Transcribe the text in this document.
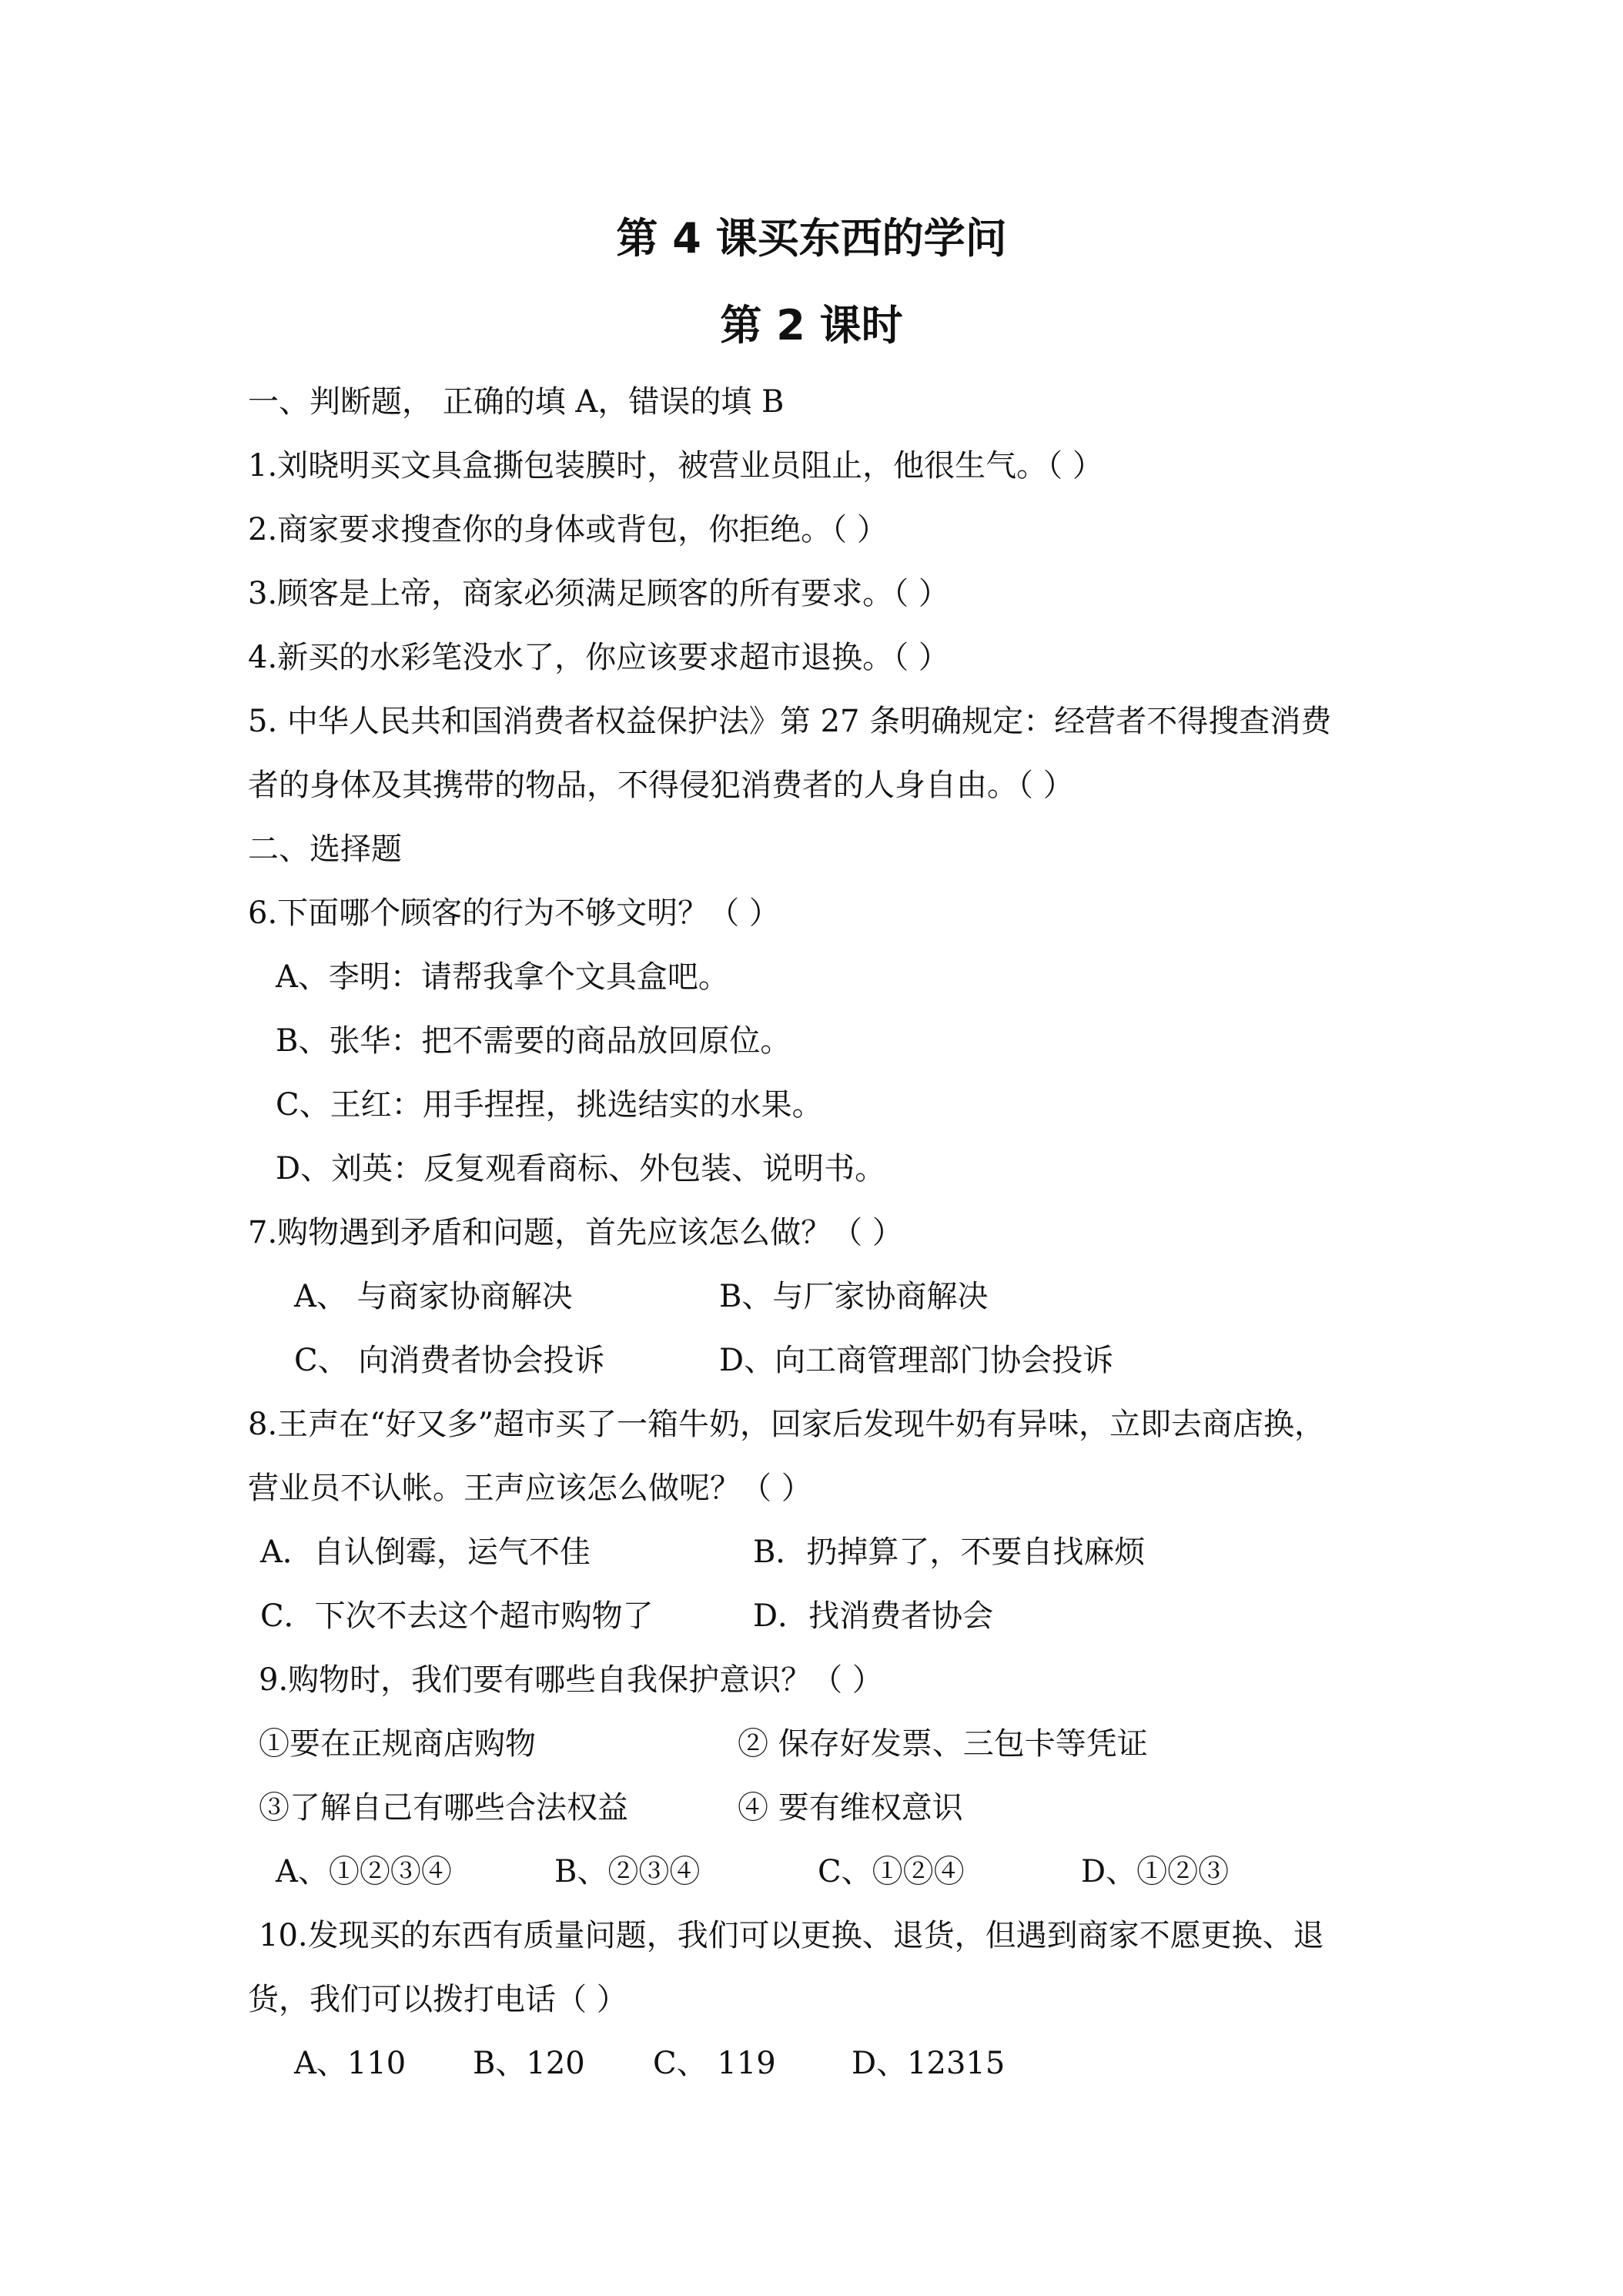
第 4 课买东西的学问
第 2 课时
一、判断题， 正确的填 A，错误的填 B
1.刘晓明买文具盒撕包装膜时，被营业员阻止，他很生气。（ ）
2.商家要求搜查你的身体或背包，你拒绝。（ ）
3.顾客是上帝，商家必须满足顾客的所有要求。（ ）
4.新买的水彩笔没水了，你应该要求超市退换。（ ）
5. 中华人民共和国消费者权益保护法》第 27 条明确规定：经营者不得搜查消费
者的身体及其携带的物品，不得侵犯消费者的人身自由。（ ）
二、选择题
6.下面哪个顾客的行为不够文明？（ ）
A、李明：请帮我拿个文具盒吧。
B、张华：把不需要的商品放回原位。
C、王红：用手捏捏，挑选结实的水果。
D、刘英：反复观看商标、外包装、说明书。
7.购物遇到矛盾和问题，首先应该怎么做？（ ）
A、 与商家协商解决	B、与厂家协商解决
C、 向消费者协会投诉	D、向工商管理部门协会投诉
8.王声在“好又多”超市买了一箱牛奶，回家后发现牛奶有异味，立即去商店换，
营业员不认帐。王声应该怎么做呢？（ ）
A．自认倒霉，运气不佳	B．扔掉算了，不要自找麻烦
C．下次不去这个超市购物了	D．找消费者协会
9.购物时，我们要有哪些自我保护意识？（ ）
①要在正规商店购物	② 保存好发票、三包卡等凭证
③了解自己有哪些合法权益	④ 要有维权意识
A、①②③④	B、②③④	C、①②④	D、①②③
10.发现买的东西有质量问题，我们可以更换、退货，但遇到商家不愿更换、退
货，我们可以拨打电话（ ）
A、110 B、120 C、 119 D、12315
